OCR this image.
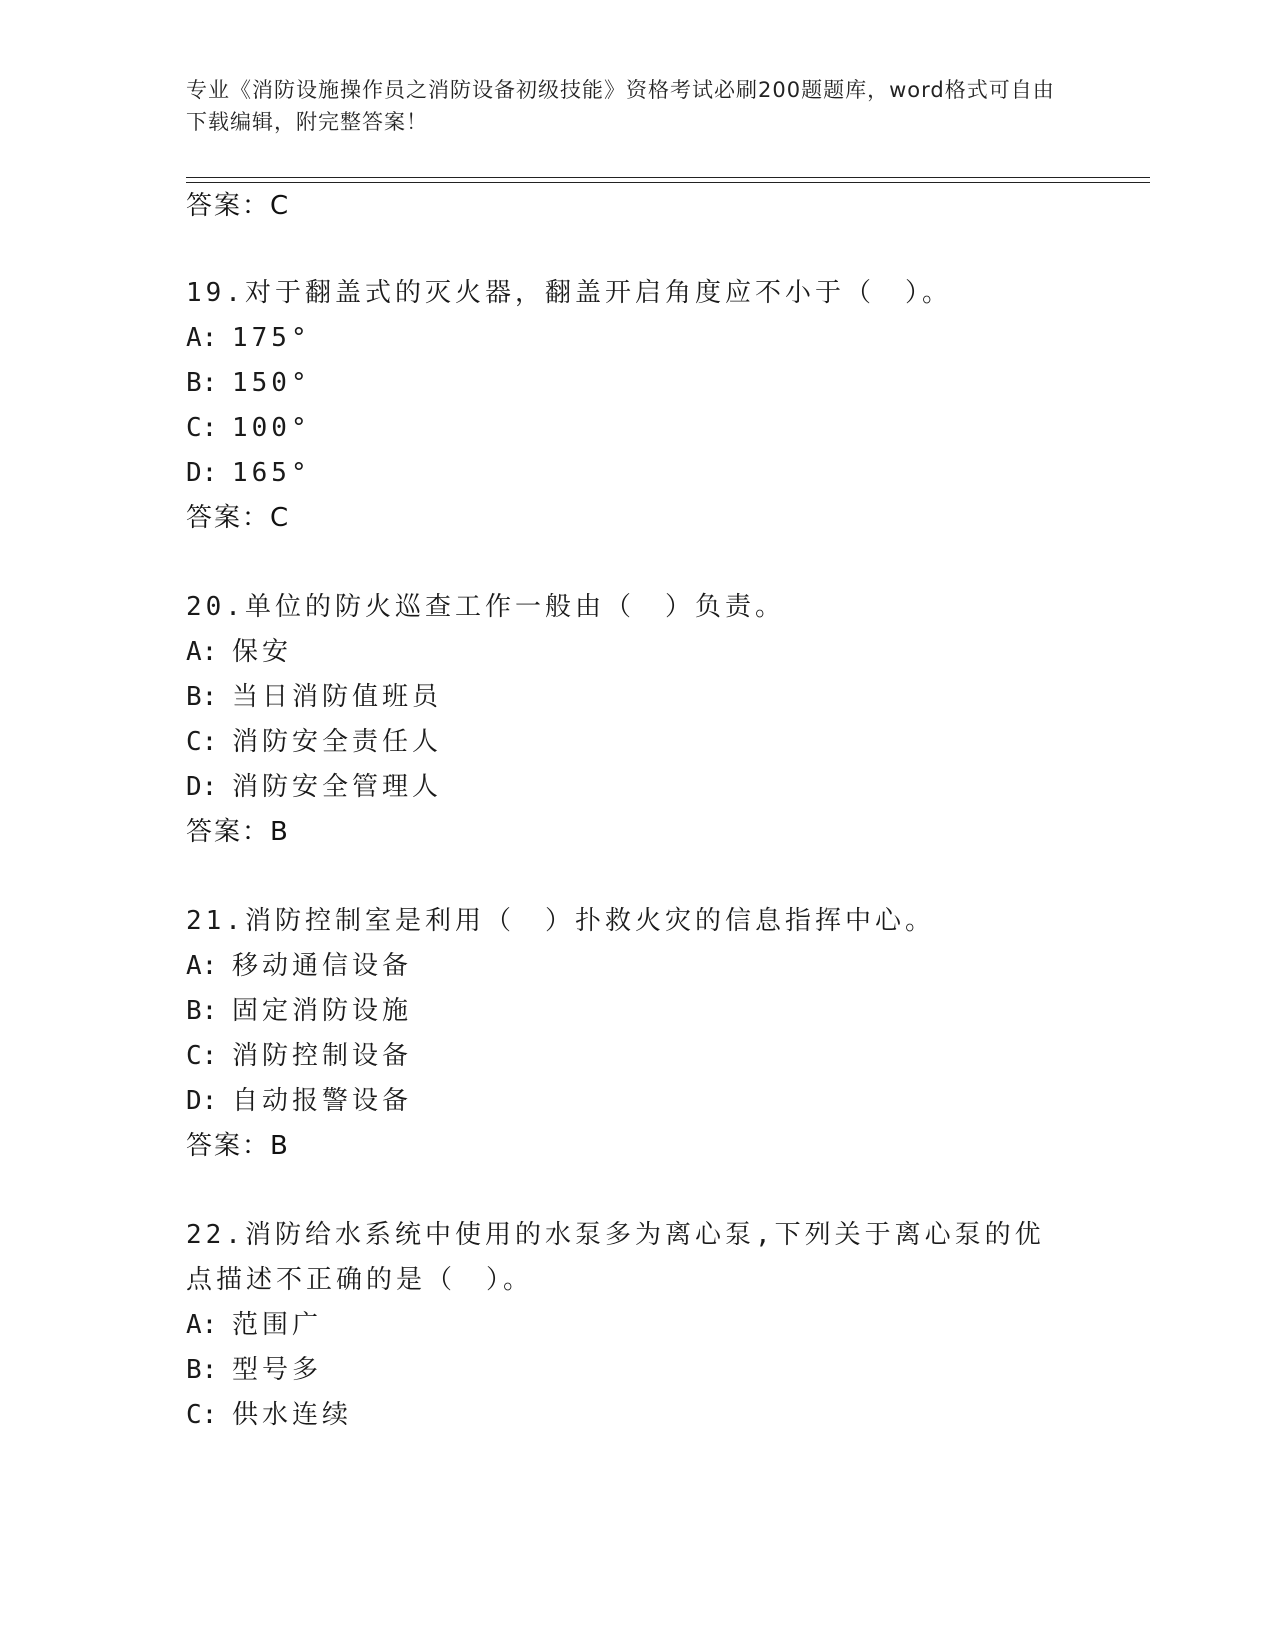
专业《消防设施操作员之消防设备初级技能》资格考试必刷200题题库，word格式可自由下载编辑，附完整答案！
答案：C
19.对于翻盖式的灭火器，翻盖开启角度应不小于（　）。
A: 175°
B: 150°
C: 100°
D: 165°
答案：C
20.单位的防火巡查工作一般由（　）负责。
A: 保安
B: 当日消防值班员
C: 消防安全责任人
D: 消防安全管理人
答案：B
21.消防控制室是利用（　）扑救火灾的信息指挥中心。
A: 移动通信设备
B: 固定消防设施
C: 消防控制设备
D: 自动报警设备
答案：B
22.消防给水系统中使用的水泵多为离心泵,下列关于离心泵的优点描述不正确的是（　）。
A: 范围广
B: 型号多
C: 供水连续
